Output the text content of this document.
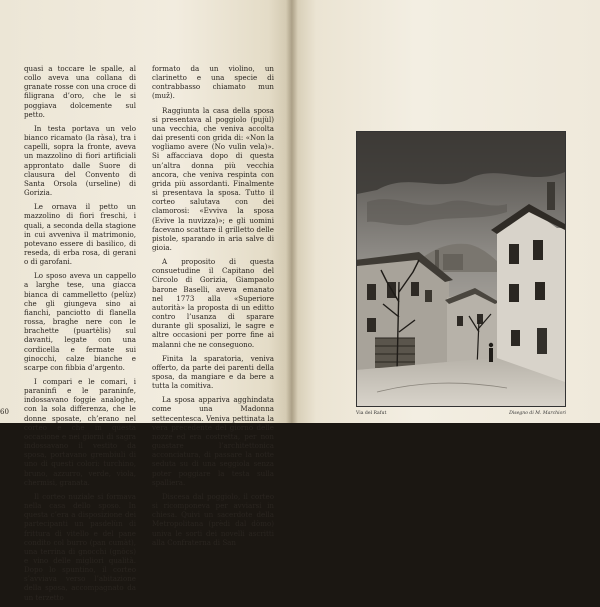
quasi a toccare le spalle, al collo aveva una collana di granate rosse con una croce di filigrana d’oro, che le si poggiava dolcemente sul petto.

In testa portava un velo bianco ricamato (la ràsa), tra i capelli, sopra la fronte, aveva un mazzolino di fiori artificiali approntato dalle Suore di clausura del Convento di Santa Orsola (urseline) di Gorizia.

Le ornava il petto un mazzolino di fiori freschi, i quali, a seconda della stagione in cui avveniva il matrimonio, potevano essere di basilico, di reseda, di erba rosa, di gerani o di garofani.

Lo sposo aveva un cappello a larghe tese, una giacca bianca di cammelletto (pelùz) che gli giungeva sino ai fianchi, panciotto di flanella rossa, braghe nere con le brachette (puartèlis) sul davanti, legate con una cordicella e fermate sui ginocchi, calze bianche e scarpe con fibbia d’argento.

I compari e le comari, i paraninfi e le paraninfe, indossavano foggie analoghe, con la sola differenza, che le donne sposate, ch’erano nel corteo e che in questa occasione e nei giorni di sagra indossavano il vestito da sposa, portavano grembiuli di uno di questi colori: turchino, bruno, azzurro, verde, viola, chermisi, granata.

Il corteo nuziale si formava nella casa dello sposo. In questa c’era a disposizione dei partecipanti un pasdelùn di frittura di vitello e del pane condito col burro (pan cumàt), una terrina di gnocchi (gnòcs) e vino delle migliori qualità. Dopo lo spuntino, il corteo s’avviava verso l’abitazione della sposa, accompagnato da un terzetto

formato da un violino, un clarinetto e una specie di contrabbasso chiamato mun (muž).

Raggiunta la casa della sposa si presentava al poggiolo (pujùl) una vecchia, che veniva accolta dai presenti con grida di: «Non la vogliamo avere (No vulìn vela)». Si affacciava dopo di questa un’altra donna più vecchia ancora, che veniva respinta con grida più assordanti. Finalmente si presentava la sposa. Tutto il corteo salutava con dei clamorosi: «Evviva la sposa (Evive la nuvizza)»; e gli uomini facevano scattare il grilletto delle pistole, sparando in aria salve di gioia.

A proposito di questa consuetudine il Capitano del Circolo di Gorizia, Giampaolo barone Baselli, aveva emanato nel 1773 alla «Superiore autorità» la proposta di un editto contro l’usanza di sparare durante gli sposalizi, le sagre e altre occasioni per porre fine ai malanni che ne conseguono.

Finita la sparatoria, veniva offerto, da parte dei parenti della sposa, da mangiare e da bere a tutta la comitiva.

La sposa appariva agghindata come una Madonna settecentesca. Veniva pettinata la vera precedente del giorno delle nozze ed era costretta, per non guastare l’architettonica acconciatura, di passare la notte seduta su di una seggiola senza poter poggiare la testa sulla spalliera.

Discesa dal poggiolo, il corteo si ricomponeva per avviarsi in chiesa. Quivi un sacerdote della Metropolitana (prèdi dal dòmo) univa le sorti dei novelli ascritti alla Confraterna di San

60	Via del Rafut	Disegno di M. Marchiori
